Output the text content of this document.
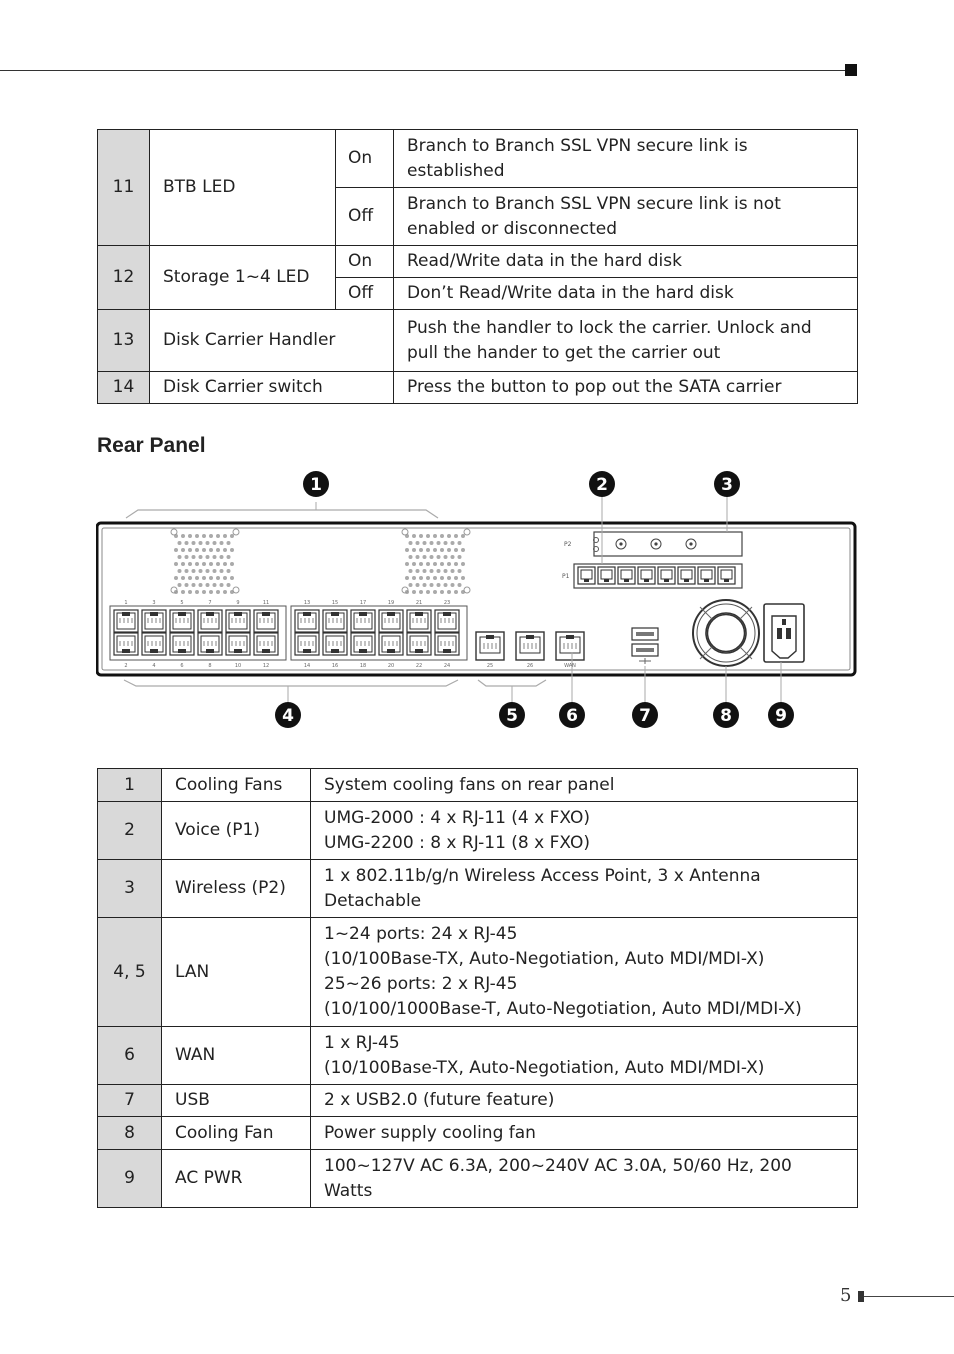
11	BTB LED	On	Branch to Branch SSL VPN secure link is
established

		Off	Branch to Branch SSL VPN secure link is not
enabled or disconnected

12	Storage 1~4 LED	On	Read/Write data in the hard disk
		Off	Don’t Read/Write data in the hard disk
13	Disk Carrier Handler		Push the handler to lock the carrier. Unlock and
pull the hander to get the carrier out

14	Disk Carrier switch		Press the button to pop out the SATA carrier
Rear Panel
P2
P1
1
2
3
4
5
6
7
8
9
10
11
12
13
14
15
16
17
18
19
20
21
22
23
24	25	26	WAN
1	2	3
4	5	6	7	8	9
1	Cooling Fans	System cooling fans on rear panel
2	Voice (P1)	UMG-2000 : 4 x RJ-11 (4 x FXO)
UMG-2200 : 8 x RJ-11 (8 x FXO)

3	Wireless (P2)	1 x 802.11b/g/n Wireless Access Point, 3 x Antenna
Detachable

4, 5	LAN	1~24 ports: 24 x RJ-45
(10/100Base-TX, Auto-Negotiation, Auto MDI/MDI-X)
25~26 ports: 2 x RJ-45
(10/100/1000Base-T, Auto-Negotiation, Auto MDI/MDI-X)

6	WAN	1 x RJ-45
(10/100Base-TX, Auto-Negotiation, Auto MDI/MDI-X)

7	USB	2 x USB2.0 (future feature)
8	Cooling Fan	Power supply cooling fan
9	AC PWR	100~127V AC 6.3A, 200~240V AC 3.0A, 50/60 Hz, 200
Watts
5
